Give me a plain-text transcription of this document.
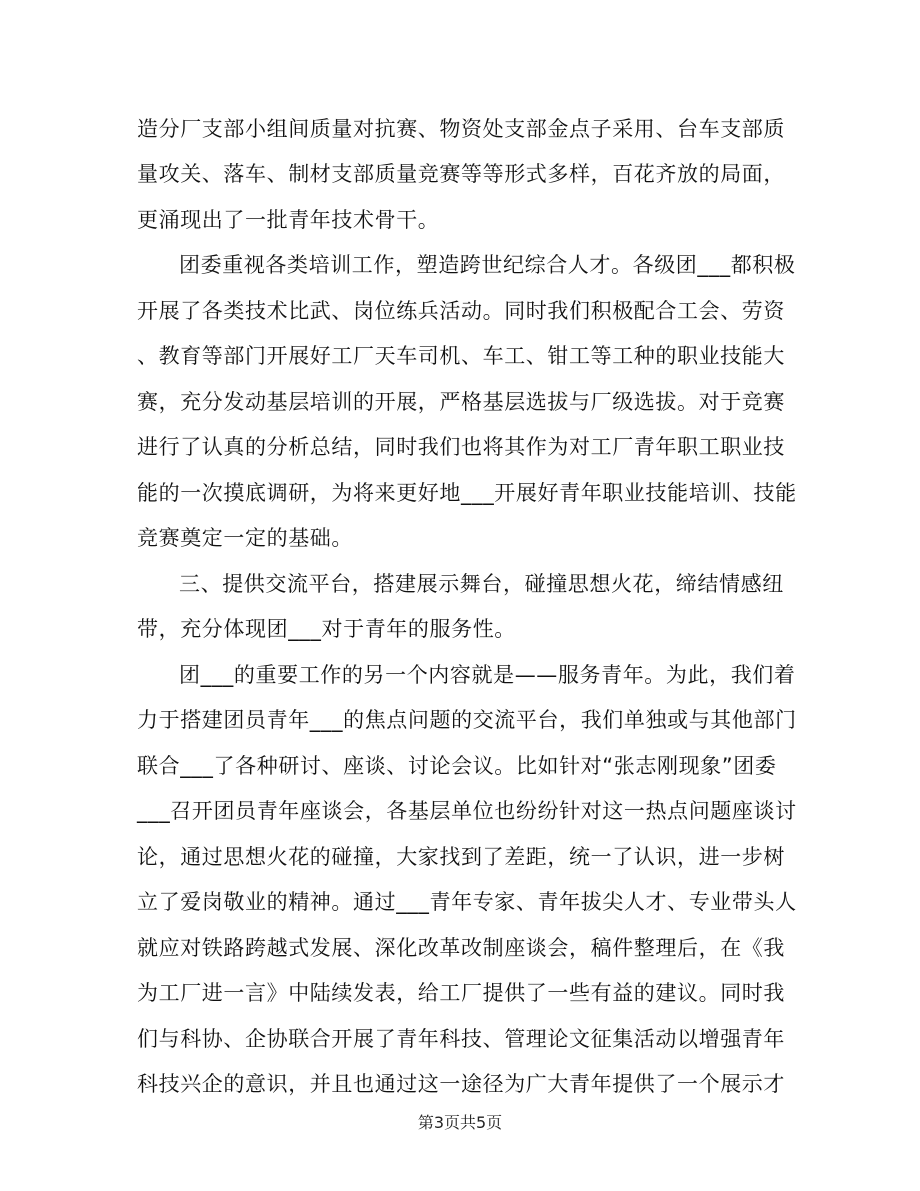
造分厂支部小组间质量对抗赛、物资处支部金点子采用、台车支部质
量攻关、落车、制材支部质量竞赛等等形式多样，百花齐放的局面，
更涌现出了一批青年技术骨干。
团委重视各类培训工作，塑造跨世纪综合人才。各级团___都积极
开展了各类技术比武、岗位练兵活动。同时我们积极配合工会、劳资
、教育等部门开展好工厂天车司机、车工、钳工等工种的职业技能大
赛，充分发动基层培训的开展，严格基层选拔与厂级选拔。对于竞赛
进行了认真的分析总结，同时我们也将其作为对工厂青年职工职业技
能的一次摸底调研，为将来更好地___开展好青年职业技能培训、技能
竞赛奠定一定的基础。
三、提供交流平台，搭建展示舞台，碰撞思想火花，缔结情感纽
带，充分体现团___对于青年的服务性。
团___的重要工作的另一个内容就是——服务青年。为此，我们着
力于搭建团员青年___的焦点问题的交流平台，我们单独或与其他部门
联合___了各种研讨、座谈、讨论会议。比如针对“张志刚现象”团委
___召开团员青年座谈会，各基层单位也纷纷针对这一热点问题座谈讨
论，通过思想火花的碰撞，大家找到了差距，统一了认识，进一步树
立了爱岗敬业的精神。通过___青年专家、青年拔尖人才、专业带头人
就应对铁路跨越式发展、深化改革改制座谈会，稿件整理后，在《我
为工厂进一言》中陆续发表，给工厂提供了一些有益的建议。同时我
们与科协、企协联合开展了青年科技、管理论文征集活动以增强青年
科技兴企的意识，并且也通过这一途径为广大青年提供了一个展示才
第3页共5页
